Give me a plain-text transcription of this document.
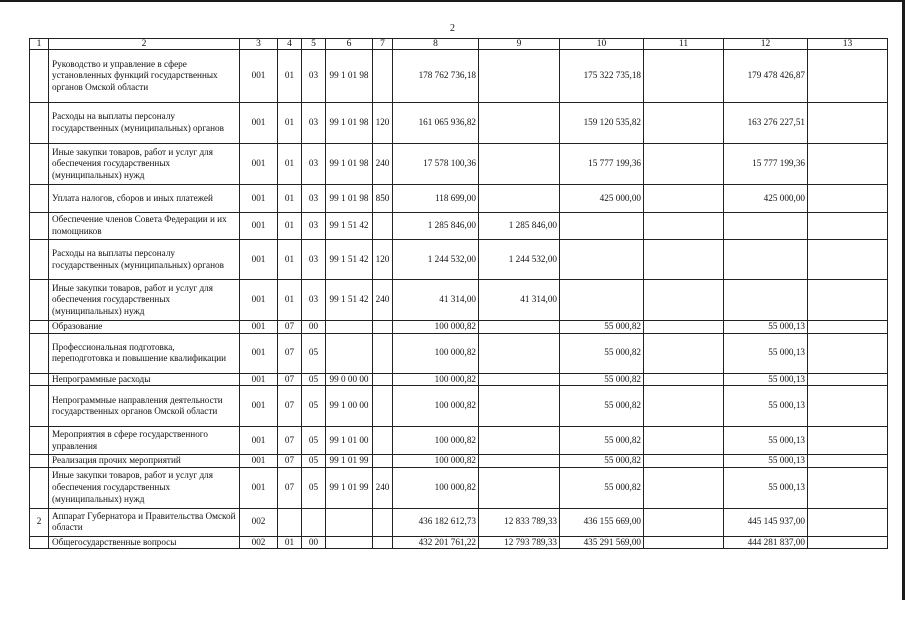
2
1	2	3	4	5	6	7	8	9	10	11	12	13
	Руководство и управление в сфере установленных функций государственных органов Омской области	001	01	03	99 1 01 98		178 762 736,18		175 322 735,18		179 478 426,87	
	Расходы на выплаты персоналу государственных (муниципальных) органов	001	01	03	99 1 01 98	120	161 065 936,82		159 120 535,82		163 276 227,51	
	Иные закупки товаров, работ и услуг для обеспечения государственных (муниципальных) нужд	001	01	03	99 1 01 98	240	17 578 100,36		15 777 199,36		15 777 199,36	
	Уплата налогов, сборов и иных платежей	001	01	03	99 1 01 98	850	118 699,00		425 000,00		425 000,00	
	Обеспечение членов Совета Федерации и их помощников	001	01	03	99 1 51 42		1 285 846,00	1 285 846,00				
	Расходы на выплаты персоналу государственных (муниципальных) органов	001	01	03	99 1 51 42	120	1 244 532,00	1 244 532,00				
	Иные закупки товаров, работ и услуг для обеспечения государственных (муниципальных) нужд	001	01	03	99 1 51 42	240	41 314,00	41 314,00				
	Образование	001	07	00			100 000,82		55 000,82		55 000,13	
	Профессиональная подготовка, переподготовка и повышение квалификации	001	07	05			100 000,82		55 000,82		55 000,13	
	Непрограммные расходы	001	07	05	99 0 00 00		100 000,82		55 000,82		55 000,13	
	Непрограммные направления деятельности государственных органов Омской области	001	07	05	99 1 00 00		100 000,82		55 000,82		55 000,13	
	Мероприятия в сфере государственного управления	001	07	05	99 1 01 00		100 000,82		55 000,82		55 000,13	
	Реализация прочих мероприятий	001	07	05	99 1 01 99		100 000,82		55 000,82		55 000,13	
	Иные закупки товаров, работ и услуг для обеспечения государственных (муниципальных) нужд	001	07	05	99 1 01 99	240	100 000,82		55 000,82		55 000,13	
2	Аппарат Губернатора и Правительства Омской области	002					436 182 612,73	12 833 789,33	436 155 669,00		445 145 937,00	
	Общегосударственные вопросы	002	01	00			432 201 761,22	12 793 789,33	435 291 569,00		444 281 837,00	
